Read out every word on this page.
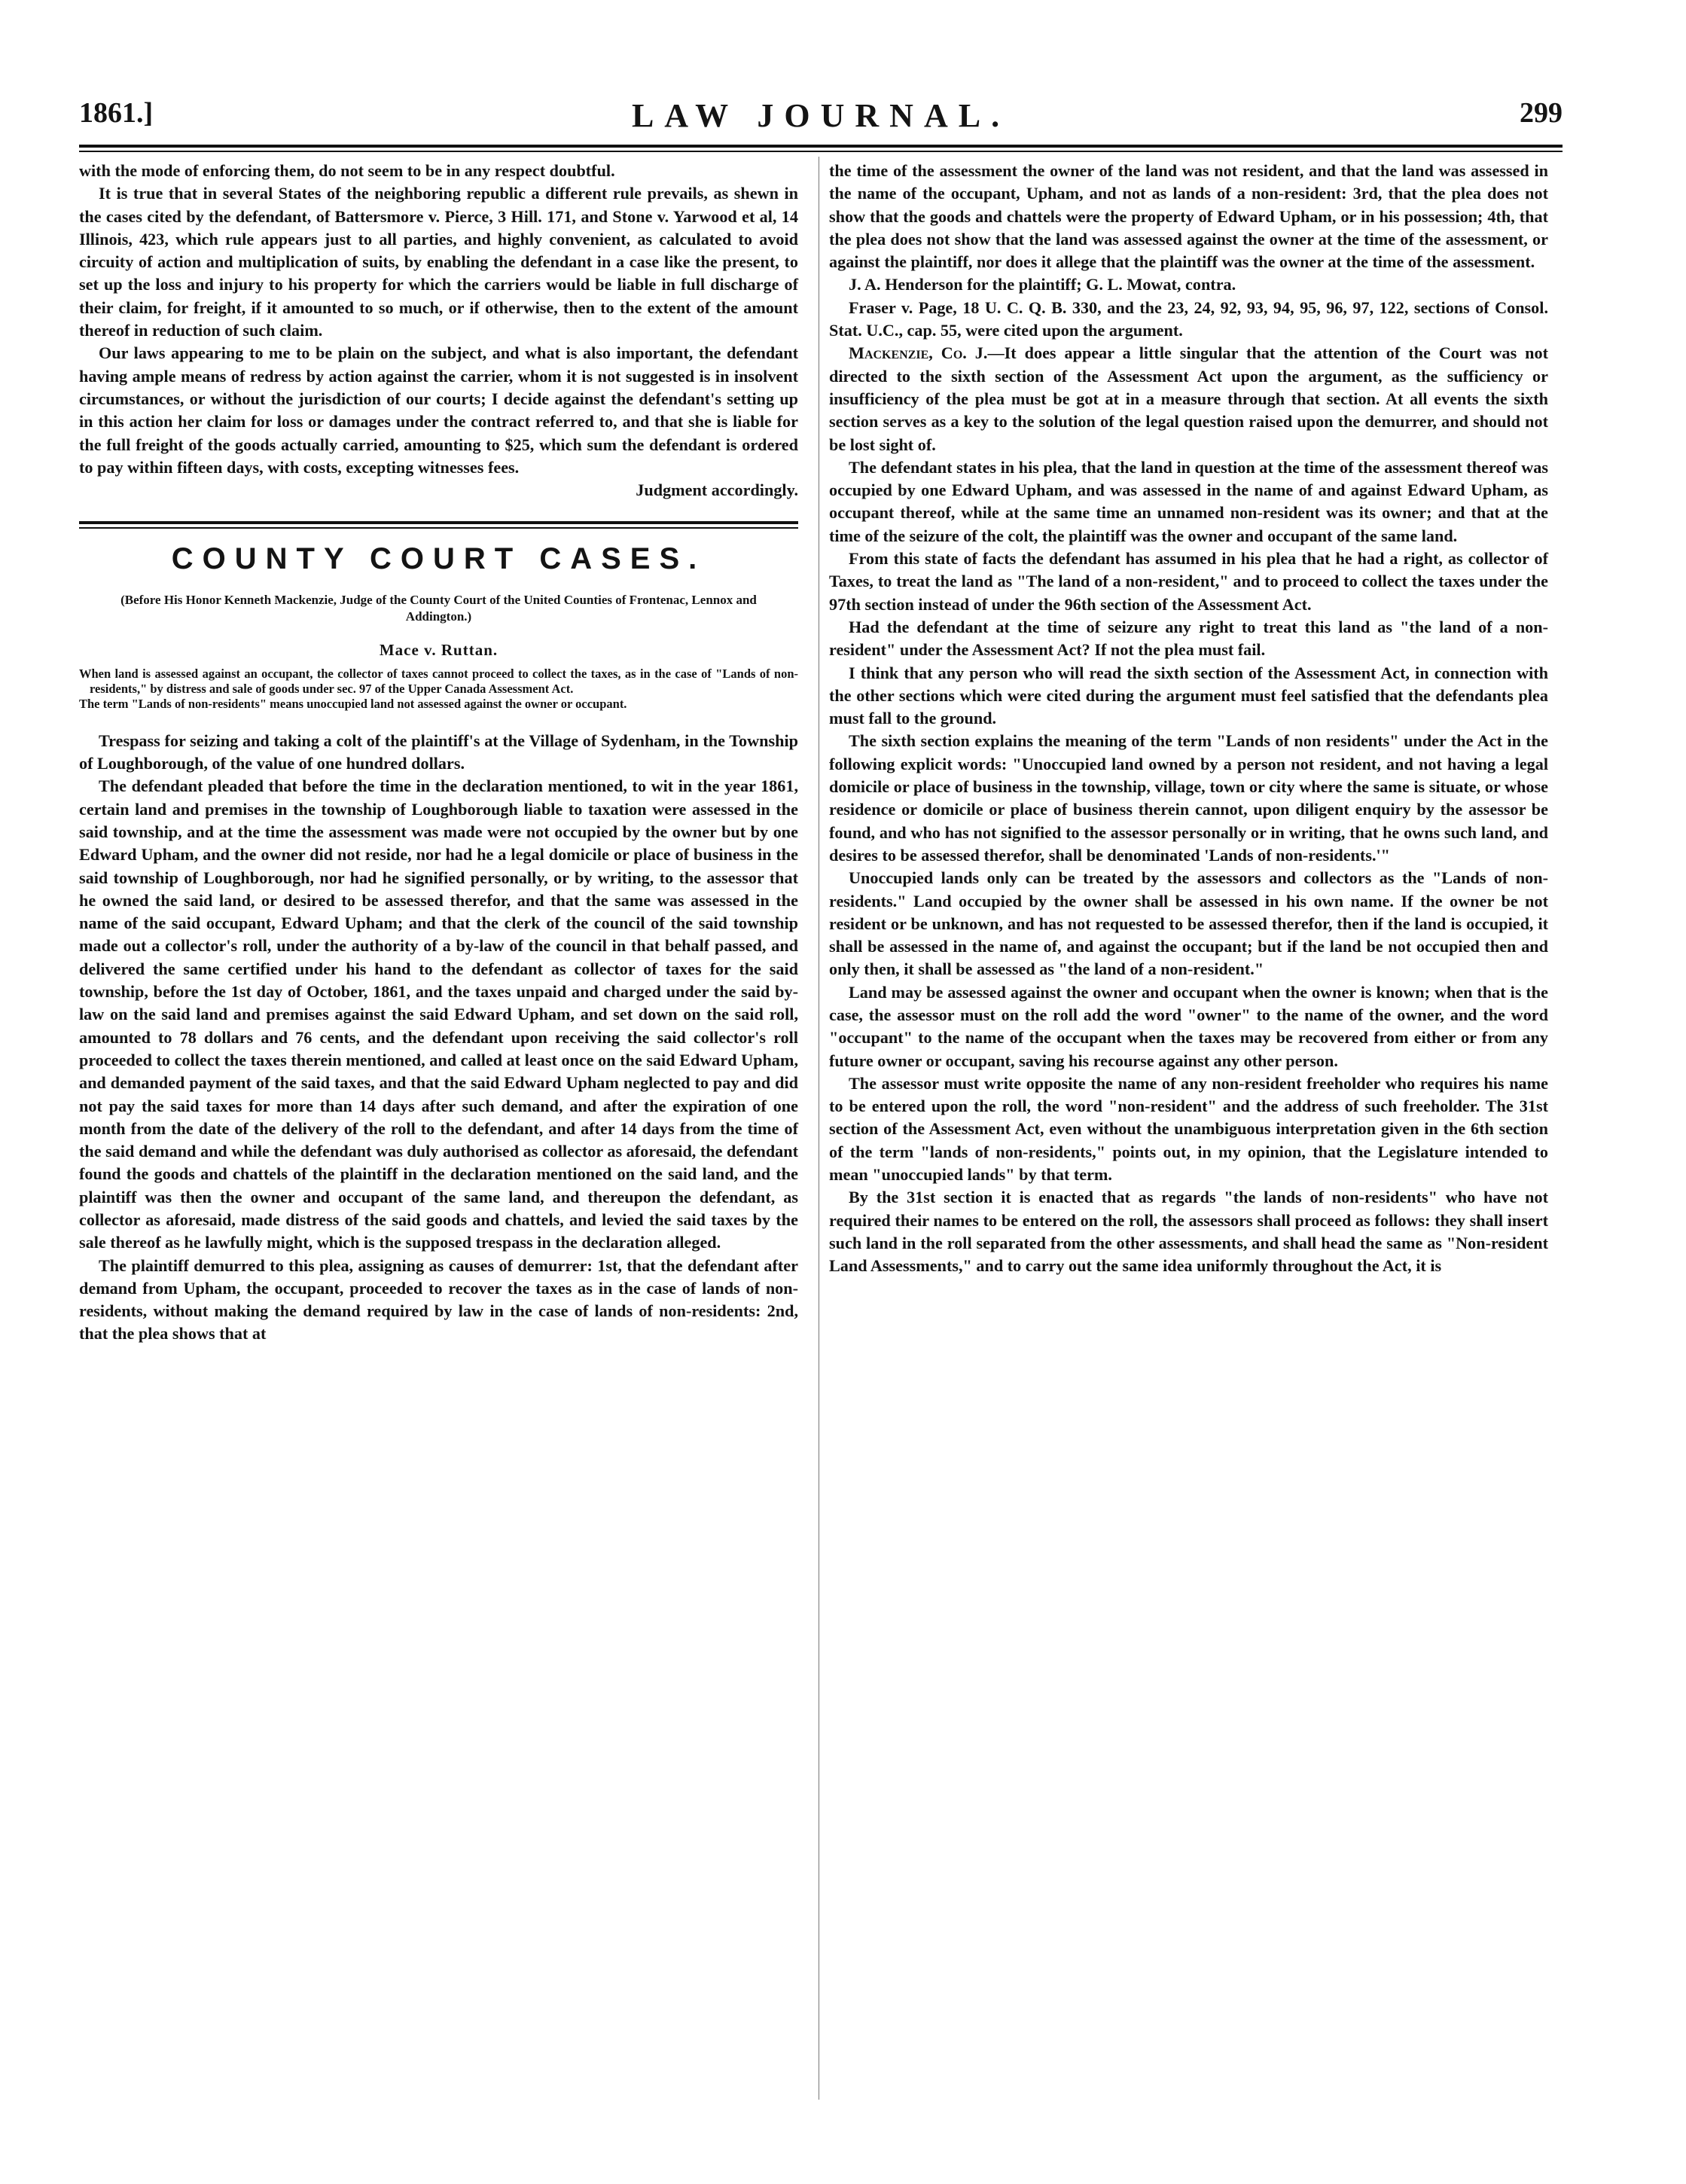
1861.]	LAW JOURNAL.	299

with the mode of enforcing them, do not seem to be in any respect doubtful.

It is true that in several States of the neighboring republic a different rule prevails, as shewn in the cases cited by the defendant, of Battersmore v. Pierce, 3 Hill. 171, and Stone v. Yarwood et al, 14 Illinois, 423, which rule appears just to all parties, and highly convenient, as calculated to avoid circuity of action and multiplication of suits, by enabling the defendant in a case like the present, to set up the loss and injury to his property for which the carriers would be liable in full discharge of their claim, for freight, if it amounted to so much, or if otherwise, then to the extent of the amount thereof in reduction of such claim.

Our laws appearing to me to be plain on the subject, and what is also important, the defendant having ample means of redress by action against the carrier, whom it is not suggested is in insolvent circumstances, or without the jurisdiction of our courts; I decide against the defendant's setting up in this action her claim for loss or damages under the contract referred to, and that she is liable for the full freight of the goods actually carried, amounting to $25, which sum the defendant is ordered to pay within fifteen days, with costs, excepting witnesses fees.

Judgment accordingly.

COUNTY COURT CASES.
(Before His Honor Kenneth Mackenzie, Judge of the County Court of the United Counties of Frontenac, Lennox and Addington.)
Mace v. Ruttan.

When land is assessed against an occupant, the collector of taxes cannot proceed to collect the taxes, as in the case of "Lands of non-residents," by distress and sale of goods under sec. 97 of the Upper Canada Assessment Act.

The term "Lands of non-residents" means unoccupied land not assessed against the owner or occupant.

Trespass for seizing and taking a colt of the plaintiff's at the Village of Sydenham, in the Township of Loughborough, of the value of one hundred dollars.

The defendant pleaded that before the time in the declaration mentioned, to wit in the year 1861, certain land and premises in the township of Loughborough liable to taxation were assessed in the said township, and at the time the assessment was made were not occupied by the owner but by one Edward Upham, and the owner did not reside, nor had he a legal domicile or place of business in the said township of Loughborough, nor had he signified personally, or by writing, to the assessor that he owned the said land, or desired to be assessed therefor, and that the same was assessed in the name of the said occupant, Edward Upham; and that the clerk of the council of the said township made out a collector's roll, under the authority of a by-law of the council in that behalf passed, and delivered the same certified under his hand to the defendant as collector of taxes for the said township, before the 1st day of October, 1861, and the taxes unpaid and charged under the said by-law on the said land and premises against the said Edward Upham, and set down on the said roll, amounted to 78 dollars and 76 cents, and the defendant upon receiving the said collector's roll proceeded to collect the taxes therein mentioned, and called at least once on the said Edward Upham, and demanded payment of the said taxes, and that the said Edward Upham neglected to pay and did not pay the said taxes for more than 14 days after such demand, and after the expiration of one month from the date of the delivery of the roll to the defendant, and after 14 days from the time of the said demand and while the defendant was duly authorised as collector as aforesaid, the defendant found the goods and chattels of the plaintiff in the declaration mentioned on the said land, and the plaintiff was then the owner and occupant of the same land, and thereupon the defendant, as collector as aforesaid, made distress of the said goods and chattels, and levied the said taxes by the sale thereof as he lawfully might, which is the supposed trespass in the declaration alleged.

The plaintiff demurred to this plea, assigning as causes of demurrer: 1st, that the defendant after demand from Upham, the occupant, proceeded to recover the taxes as in the case of lands of non-residents, without making the demand required by law in the case of lands of non-residents: 2nd, that the plea shows that at

the time of the assessment the owner of the land was not resident, and that the land was assessed in the name of the occupant, Upham, and not as lands of a non-resident: 3rd, that the plea does not show that the goods and chattels were the property of Edward Upham, or in his possession; 4th, that the plea does not show that the land was assessed against the owner at the time of the assessment, or against the plaintiff, nor does it allege that the plaintiff was the owner at the time of the assessment.

J. A. Henderson for the plaintiff; G. L. Mowat, contra.

Fraser v. Page, 18 U. C. Q. B. 330, and the 23, 24, 92, 93, 94, 95, 96, 97, 122, sections of Consol. Stat. U.C., cap. 55, were cited upon the argument.

Mackenzie, Co. J.—It does appear a little singular that the attention of the Court was not directed to the sixth section of the Assessment Act upon the argument, as the sufficiency or insufficiency of the plea must be got at in a measure through that section. At all events the sixth section serves as a key to the solution of the legal question raised upon the demurrer, and should not be lost sight of.

The defendant states in his plea, that the land in question at the time of the assessment thereof was occupied by one Edward Upham, and was assessed in the name of and against Edward Upham, as occupant thereof, while at the same time an unnamed non-resident was its owner; and that at the time of the seizure of the colt, the plaintiff was the owner and occupant of the same land.

From this state of facts the defendant has assumed in his plea that he had a right, as collector of Taxes, to treat the land as "The land of a non-resident," and to proceed to collect the taxes under the 97th section instead of under the 96th section of the Assessment Act.

Had the defendant at the time of seizure any right to treat this land as "the land of a non-resident" under the Assessment Act? If not the plea must fail.

I think that any person who will read the sixth section of the Assessment Act, in connection with the other sections which were cited during the argument must feel satisfied that the defendants plea must fall to the ground.

The sixth section explains the meaning of the term "Lands of non residents" under the Act in the following explicit words: "Unoccupied land owned by a person not resident, and not having a legal domicile or place of business in the township, village, town or city where the same is situate, or whose residence or domicile or place of business therein cannot, upon diligent enquiry by the assessor be found, and who has not signified to the assessor personally or in writing, that he owns such land, and desires to be assessed therefor, shall be denominated 'Lands of non-residents.'"

Unoccupied lands only can be treated by the assessors and collectors as the "Lands of non-residents." Land occupied by the owner shall be assessed in his own name. If the owner be not resident or be unknown, and has not requested to be assessed therefor, then if the land is occupied, it shall be assessed in the name of, and against the occupant; but if the land be not occupied then and only then, it shall be assessed as "the land of a non-resident."

Land may be assessed against the owner and occupant when the owner is known; when that is the case, the assessor must on the roll add the word "owner" to the name of the owner, and the word "occupant" to the name of the occupant when the taxes may be recovered from either or from any future owner or occupant, saving his recourse against any other person.

The assessor must write opposite the name of any non-resident freeholder who requires his name to be entered upon the roll, the word "non-resident" and the address of such freeholder. The 31st section of the Assessment Act, even without the unambiguous interpretation given in the 6th section of the term "lands of non-residents," points out, in my opinion, that the Legislature intended to mean "unoccupied lands" by that term.

By the 31st section it is enacted that as regards "the lands of non-residents" who have not required their names to be entered on the roll, the assessors shall proceed as follows: they shall insert such land in the roll separated from the other assessments, and shall head the same as "Non-resident Land Assessments," and to carry out the same idea uniformly throughout the Act, it is
